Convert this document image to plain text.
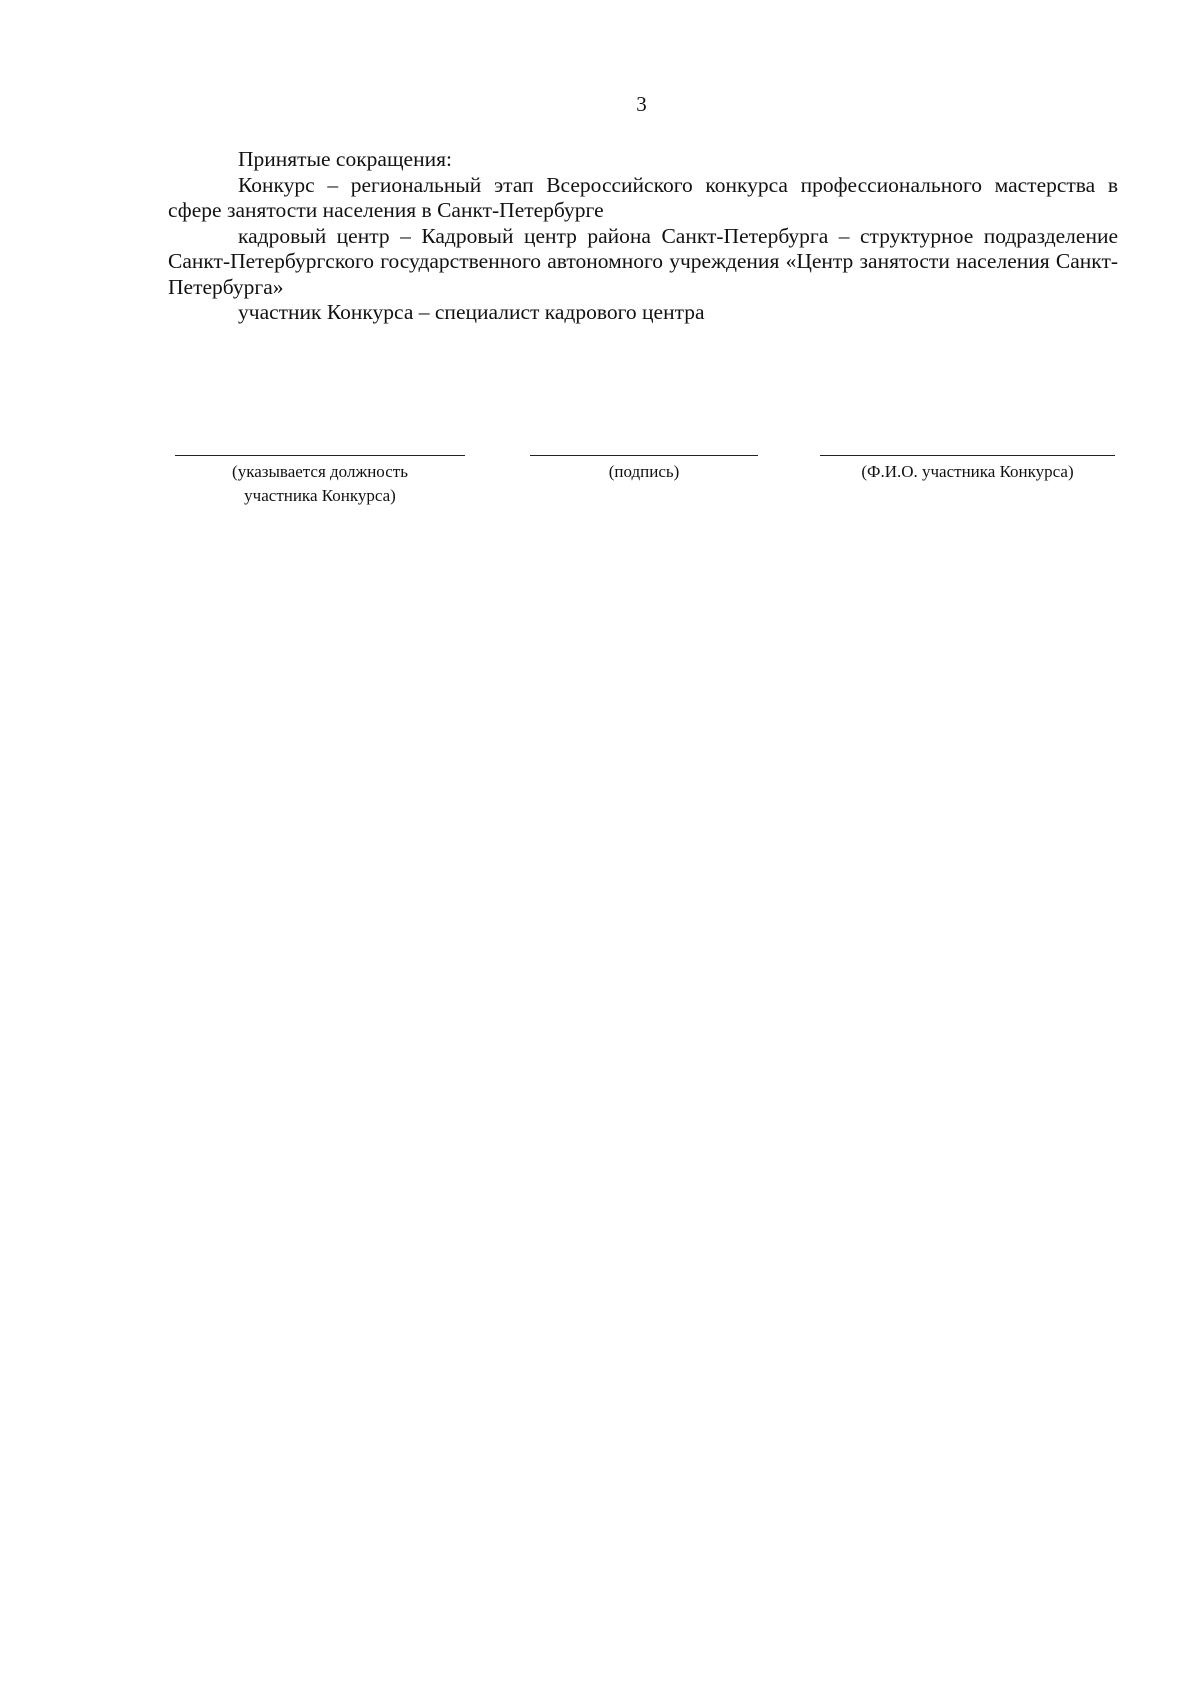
3

Принятые сокращения:

Конкурс – региональный этап Всероссийского конкурса профессионального мастерства в сфере занятости населения в Санкт-Петербурге

кадровый центр – Кадровый центр района Санкт-Петербурга – структурное подразделение Санкт-Петербургского государственного автономного учреждения «Центр занятости населения Санкт-Петербурга»

участник Конкурса – специалист кадрового центра

(указывается должность
участника Конкурса)
(подпись)	(Ф.И.О. участника Конкурса)
